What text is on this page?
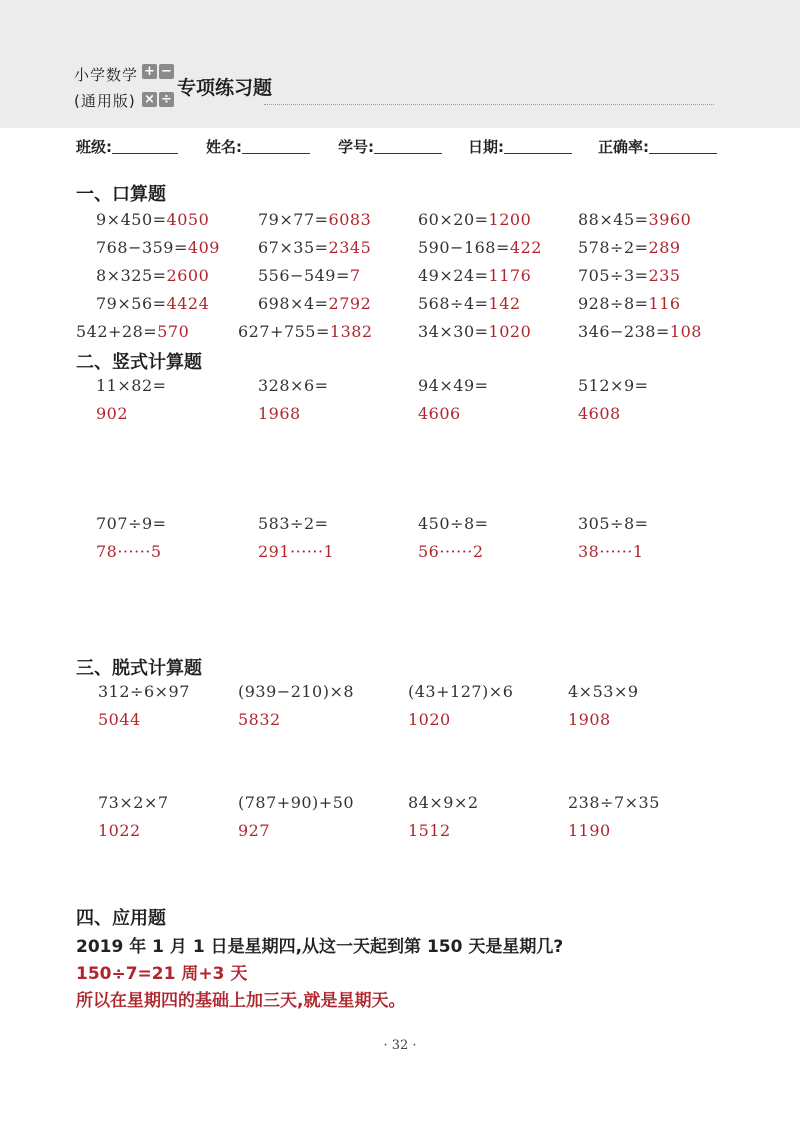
小学数学
(通用版)
+ −
× ÷
专项练习题
班级:	姓名:	学号:	日期:	正确率:
一、口算题
9×450=4050	79×77=6083	60×20=1200	88×45=3960
768−359=409 67×35=2345	590−168=422 578÷2=289
8×325=2600	556−549=7	49×24=1176	705÷3=235
79×56=4424	698×4=2792	568÷4=142	928÷8=116
542+28=570	627+755=1382	34×30=1020	346−238=108
二、竖式计算题
11×82=	328×6=	94×49=	512×9=
902	1968	4606	4608
707÷9=	583÷2=	450÷8=	305÷8=
78······5	291······1	56······2	38······1
三、脱式计算题
312÷6×97	(939−210)×8	(43+127)×6	4×53×9
5044	5832	1020	1908
73×2×7	(787+90)+50	84×9×2	238÷7×35
1022	927	1512	1190
四、应用题
2019 年 1 月 1 日是星期四,从这一天起到第 150 天是星期几?
150÷7=21 周+3 天
所以在星期四的基础上加三天,就是星期天。
· 32 ·
